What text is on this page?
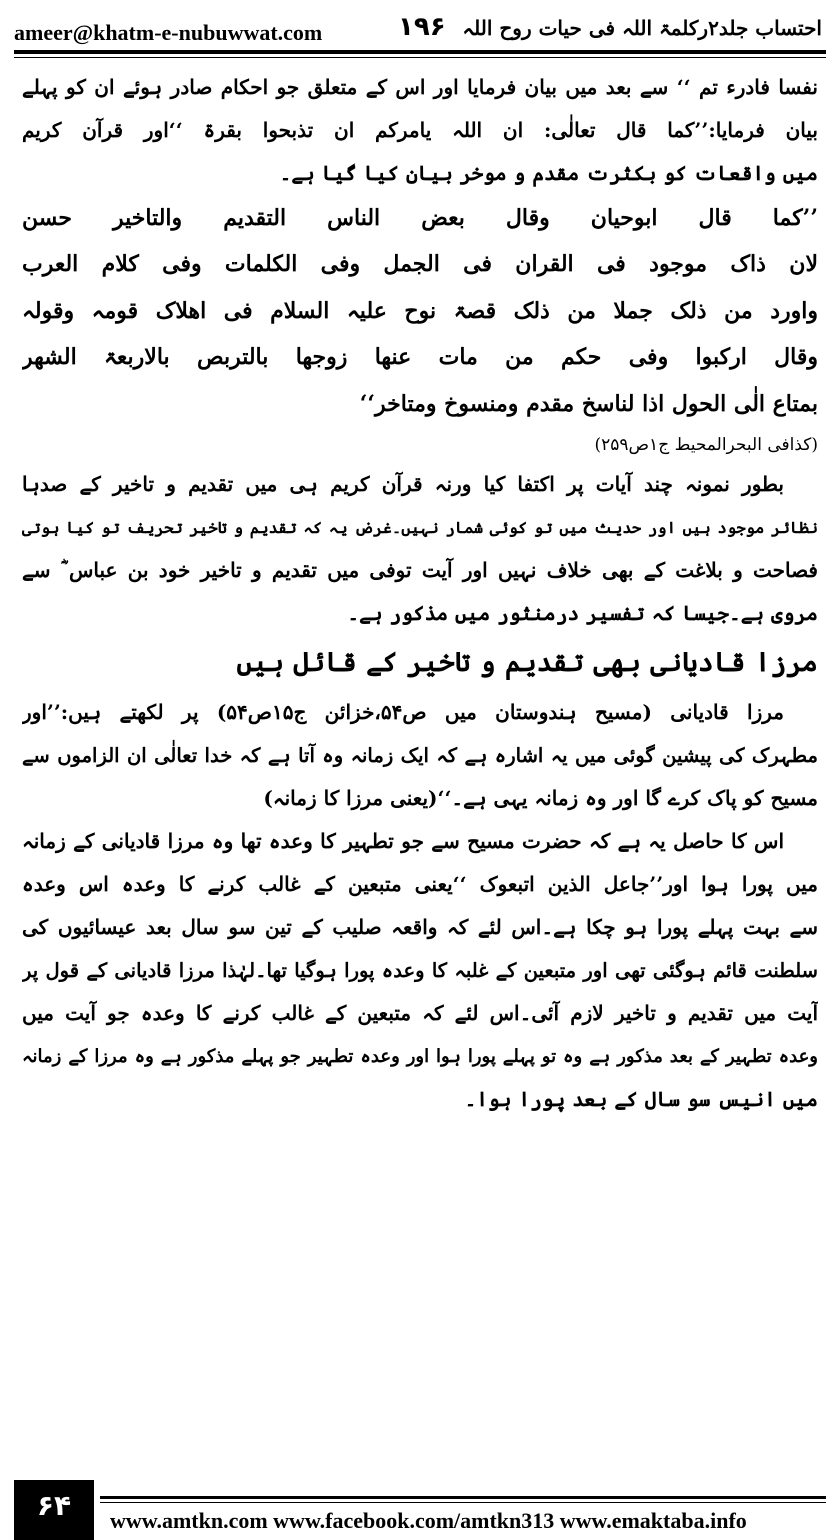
ameer@khatm-e-nubuwwat.com	۱۹۶ احتساب جلد۲رکلمۃ اللہ فی حیات روح اللہ
نفسا فادرء تم ‘‘ سے بعد میں بیان فرمایا اور اس کے متعلق جو احکام صادر ہوئے ان کو پہلے
بیان فرمایا:’’کما قال تعالٰی: ان اللہ یامرکم ان تذبحوا بقرۃ ‘‘اور قرآن کریم
میں واقعات کو بکثرت مقدم و موخر بیان کیا گیا ہے۔
’’کما قال ابوحیان وقال بعض الناس التقدیم والتاخیر حسن
لان ذاک موجود فی القران فی الجمل وفی الکلمات وفی کلام العرب
واورد من ذلک جملا من ذلک قصۃ نوح علیہ السلام فی اھلاک قومہ وقولہ
وقال ارکبوا وفی حکم من مات عنھا زوجھا بالتربص بالاربعۃ الشھر
بمتاع الٰی الحول اذا لناسخ مقدم ومنسوخ ومتاخر‘‘
(کذافی البحرالمحیط ج۱ص۲۵۹)
بطور نمونہ چند آیات پر اکتفا کیا ورنہ قرآن کریم ہی میں تقدیم و تاخیر کے صدہا
نظائر موجود ہیں اور حدیث میں تو کوئی شمار نہیں۔غرض یہ کہ تقدیم و تاخیر تحریف تو کیا ہوتی
فصاحت و بلاغت کے بھی خلاف نہیں اور آیت توفی میں تقدیم و تاخیر خود بن عباس ؓ سے
مروی ہے۔جیسا کہ تفسیر درمنثور میں مذکور ہے۔
مرزا قادیانی بھی تقدیم و تاخیر کے قائل ہیں
مرزا قادیانی (مسیح ہندوستان میں ص۵۴،خزائن ج۱۵ص۵۴) پر لکھتے ہیں:’’اور
مطہرک کی پیشین گوئی میں یہ اشارہ ہے کہ ایک زمانہ وہ آتا ہے کہ خدا تعالٰی ان الزاموں سے
مسیح کو پاک کرے گا اور وہ زمانہ یہی ہے۔‘‘(یعنی مرزا کا زمانہ)
اس کا حاصل یہ ہے کہ حضرت مسیح سے جو تطہیر کا وعدہ تھا وہ مرزا قادیانی کے زمانہ
میں پورا ہوا اور’’جاعل الذین اتبعوک ‘‘یعنی متبعین کے غالب کرنے کا وعدہ اس وعدہ
سے بہت پہلے پورا ہو چکا ہے۔اس لئے کہ واقعہ صلیب کے تین سو سال بعد عیسائیوں کی
سلطنت قائم ہوگئی تھی اور متبعین کے غلبہ کا وعدہ پورا ہوگیا تھا۔لہٰذا مرزا قادیانی کے قول پر
آیت میں تقدیم و تاخیر لازم آئی۔اس لئے کہ متبعین کے غالب کرنے کا وعدہ جو آیت میں
وعدہ تطہیر کے بعد مذکور ہے وہ تو پہلے پورا ہوا اور وعدہ تطہیر جو پہلے مذکور ہے وہ مرزا کے زمانہ
میں انیس سو سال کے بعد پورا ہوا۔
۶۴	www.amtkn.com www.facebook.com/amtkn313 www.emaktaba.info
